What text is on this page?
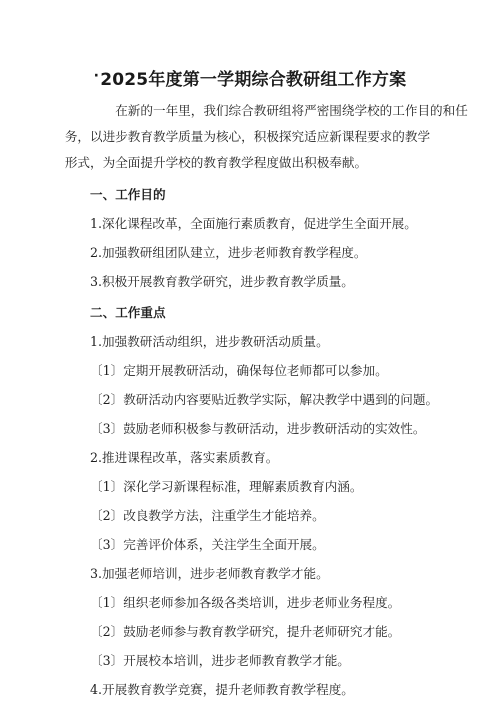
·2025年度第一学期综合教研组工作方案

在新的一年里，我们综合教研组将严密围绕学校的工作目的和任
务，以进步教育教学质量为核心，积极探究适应新课程要求的教学
形式，为全面提升学校的教育教学程度做出积极奉献。

一、工作目的

1.深化课程改革，全面施行素质教育，促进学生全面开展。

2.加强教研组团队建立，进步老师教育教学程度。

3.积极开展教育教学研究，进步教育教学质量。

二、工作重点

1.加强教研活动组织，进步教研活动质量。

〔1〕定期开展教研活动，确保每位老师都可以参加。

〔2〕教研活动内容要贴近教学实际，解决教学中遇到的问题。

〔3〕鼓励老师积极参与教研活动，进步教研活动的实效性。

2.推进课程改革，落实素质教育。

〔1〕深化学习新课程标准，理解素质教育内涵。

〔2〕改良教学方法，注重学生才能培养。

〔3〕完善评价体系，关注学生全面开展。

3.加强老师培训，进步老师教育教学才能。

〔1〕组织老师参加各级各类培训，进步老师业务程度。

〔2〕鼓励老师参与教育教学研究，提升老师研究才能。

〔3〕开展校本培训，进步老师教育教学才能。

4.开展教育教学竞赛，提升老师教育教学程度。
